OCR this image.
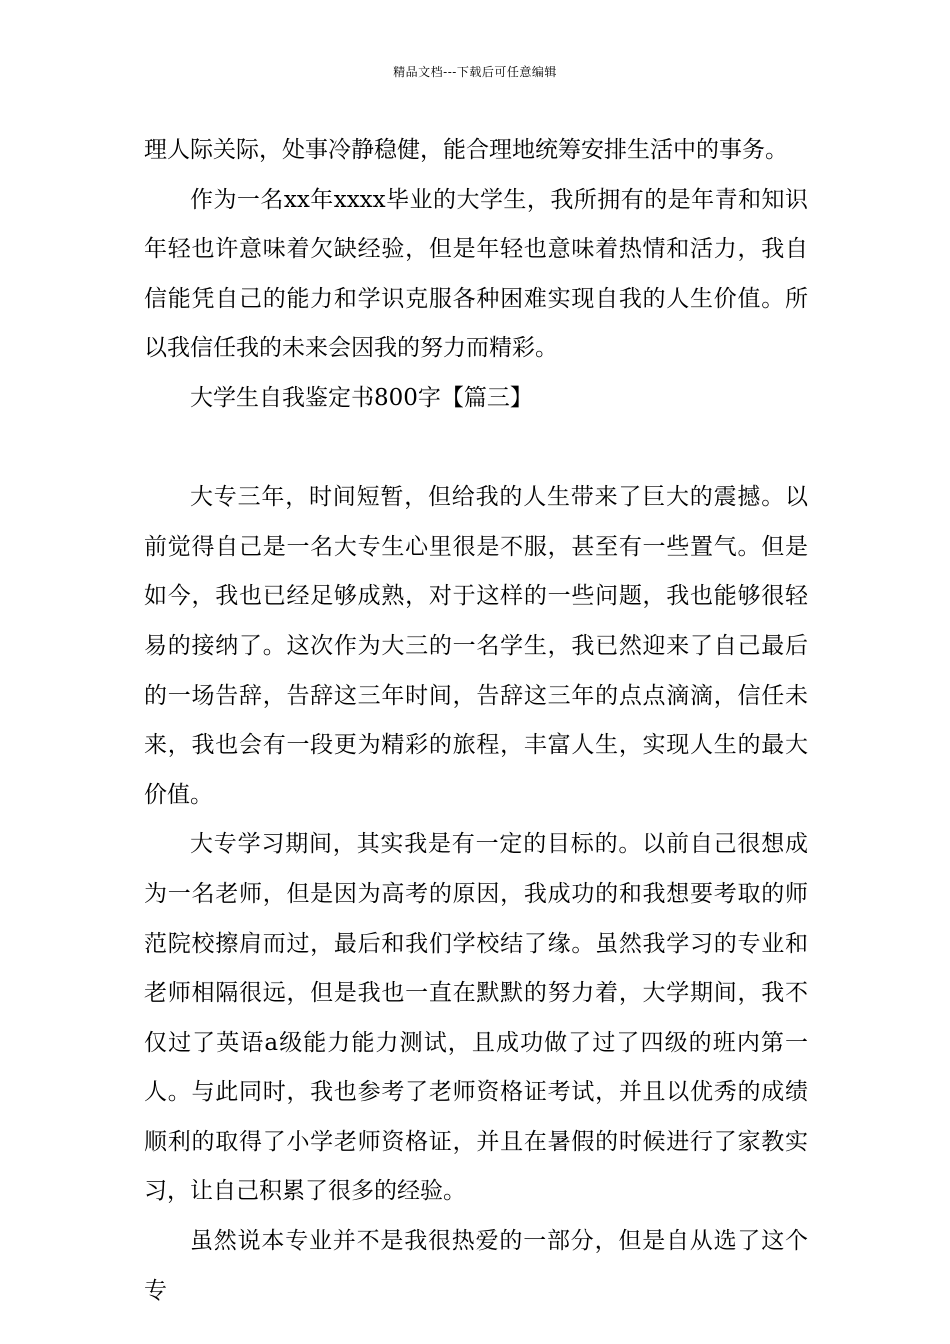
精品文档---下载后可任意编辑

理人际关际，处事冷静稳健，能合理地统筹安排生活中的事务。

作为一名xx年xxxx毕业的大学生，我所拥有的是年青和知识年轻也许意味着欠缺经验，但是年轻也意味着热情和活力，我自信能凭自己的能力和学识克服各种困难实现自我的人生价值。所以我信任我的未来会因我的努力而精彩。

大学生自我鉴定书800字【篇三】

大专三年，时间短暂，但给我的人生带来了巨大的震撼。以前觉得自己是一名大专生心里很是不服，甚至有一些置气。但是如今，我也已经足够成熟，对于这样的一些问题，我也能够很轻易的接纳了。这次作为大三的一名学生，我已然迎来了自己最后的一场告辞，告辞这三年时间，告辞这三年的点点滴滴，信任未来，我也会有一段更为精彩的旅程，丰富人生，实现人生的最大价值。

大专学习期间，其实我是有一定的目标的。以前自己很想成为一名老师，但是因为高考的原因，我成功的和我想要考取的师范院校擦肩而过，最后和我们学校结了缘。虽然我学习的专业和老师相隔很远，但是我也一直在默默的努力着，大学期间，我不仅过了英语a级能力能力测试，且成功做了过了四级的班内第一人。与此同时，我也参考了老师资格证考试，并且以优秀的成绩顺利的取得了小学老师资格证，并且在暑假的时候进行了家教实习，让自己积累了很多的经验。

虽然说本专业并不是我很热爱的一部分，但是自从选了这个专
